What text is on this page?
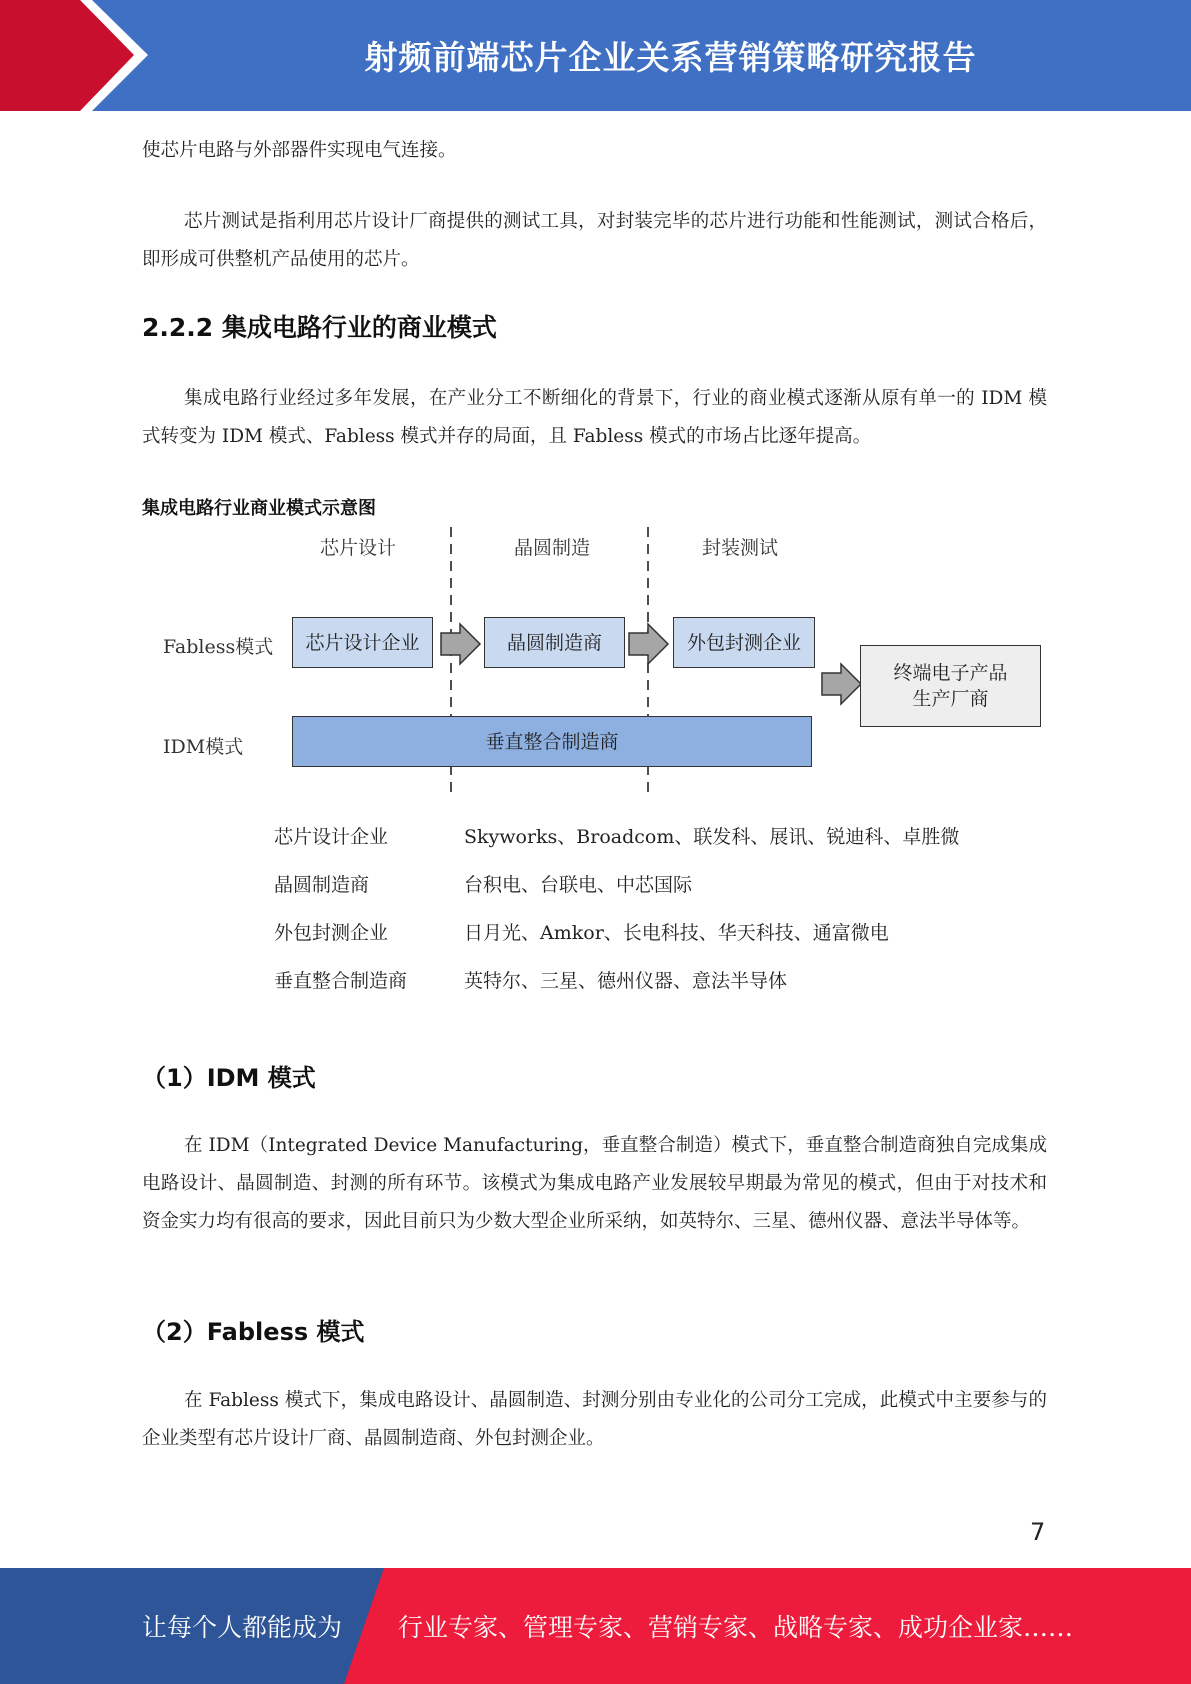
射频前端芯片企业关系营销策略研究报告

使芯片电路与外部器件实现电气连接。

芯片测试是指利用芯片设计厂商提供的测试工具，对封装完毕的芯片进行功能和性能测试，测试合格后，即形成可供整机产品使用的芯片。

2.2.2 集成电路行业的商业模式

集成电路行业经过多年发展，在产业分工不断细化的背景下，行业的商业模式逐渐从原有单一的 IDM 模式转变为 IDM 模式、Fabless 模式并存的局面，且 Fabless 模式的市场占比逐年提高。

集成电路行业商业模式示意图

芯片设计	晶圆制造	封装测试
Fabless模式
IDM模式
芯片设计企业	晶圆制造商	外包封测企业
终端电子产品
生产厂商
垂直整合制造商
芯片设计企业	Skyworks、Broadcom、联发科、展讯、锐迪科、卓胜微
晶圆制造商	台积电、台联电、中芯国际
外包封测企业	日月光、Amkor、长电科技、华天科技、通富微电
垂直整合制造商	英特尔、三星、德州仪器、意法半导体
（1）IDM 模式

在 IDM（Integrated Device Manufacturing，垂直整合制造）模式下，垂直整合制造商独自完成集成电路设计、晶圆制造、封测的所有环节。该模式为集成电路产业发展较早期最为常见的模式，但由于对技术和资金实力均有很高的要求，因此目前只为少数大型企业所采纳，如英特尔、三星、德州仪器、意法半导体等。

（2）Fabless 模式

在 Fabless 模式下，集成电路设计、晶圆制造、封测分别由专业化的公司分工完成，此模式中主要参与的企业类型有芯片设计厂商、晶圆制造商、外包封测企业。

7
让每个人都能成为 行业专家、管理专家、营销专家、战略专家、成功企业家……
